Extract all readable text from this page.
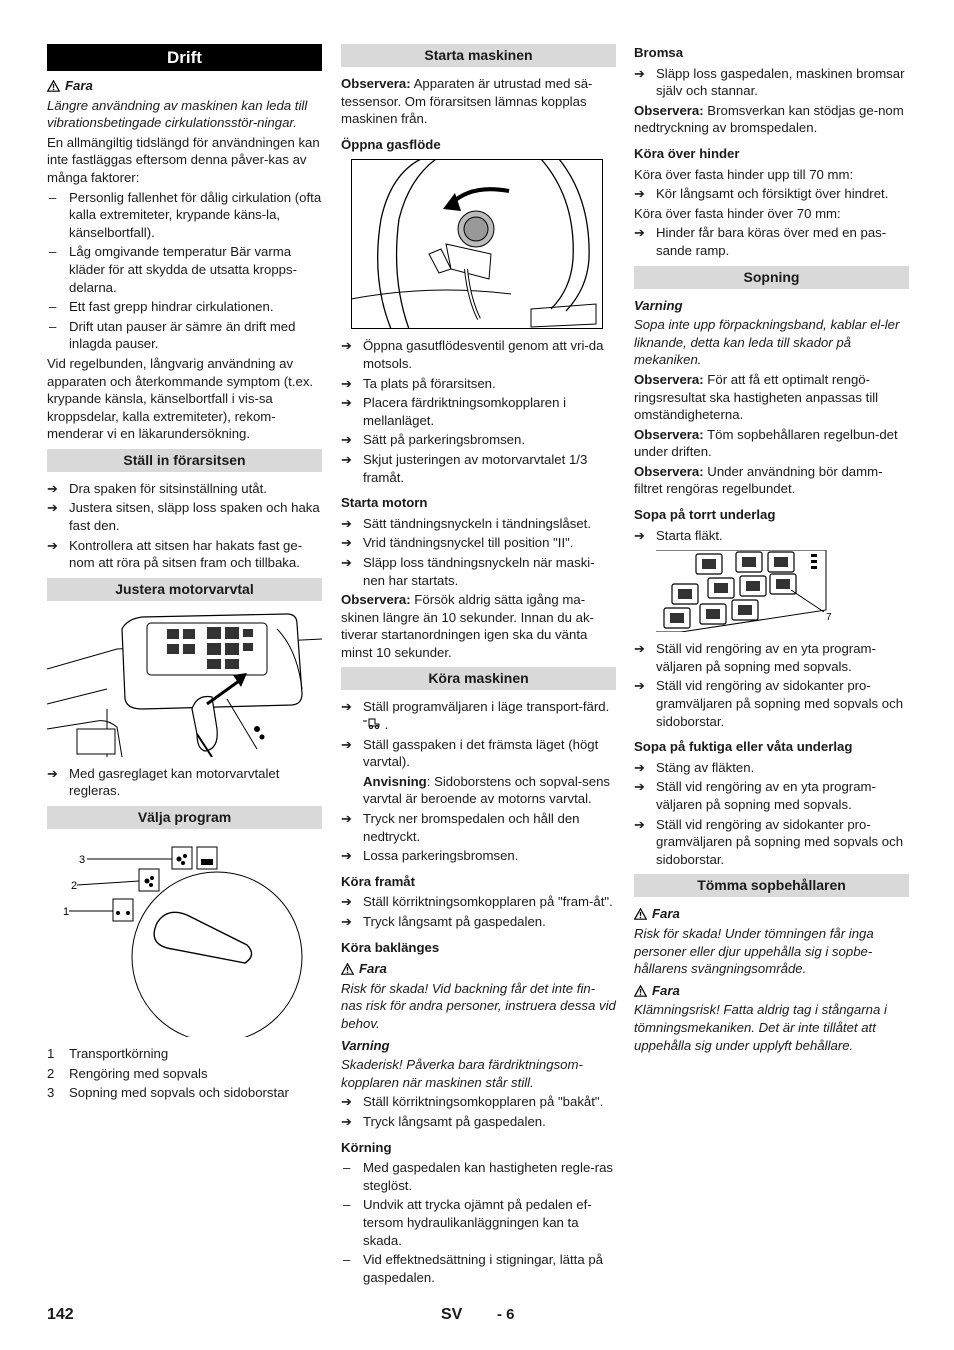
Drift
Fara

Längre användning av maskinen kan leda till vibrationsbetingade cirkulationsstör-ningar.

En allmängiltig tidslängd för användningen kan inte fastläggas eftersom denna påver-kas av många faktorer:

– Personlig fallenhet för dålig cirkulation (ofta kalla extremiteter, krypande käns-la, känselbortfall).
– Låg omgivande temperatur Bär varma kläder för att skydda de utsatta kropps-delarna.
– Ett fast grepp hindrar cirkulationen.
– Drift utan pauser är sämre än drift med inlagda pauser.

Vid regelbunden, långvarig användning av apparaten och återkommande symptom (t.ex. krypande känsla, känselbortfall i vis-sa kroppsdelar, kalla extremiteter), rekom-menderar vi en läkarundersökning.

Ställ in förarsitsen
➔ Dra spaken för sitsinställning utåt.
➔ Justera sitsen, släpp loss spaken och haka fast den.
➔ Kontrollera att sitsen har hakats fast ge-nom att röra på sitsen fram och tillbaka.
Justera motorvarvtal
➔ Med gasreglaget kan motorvarvtalet regleras.
Välja program
3
2
1
1	Transportkörning
2	Rengöring med sopvals
3	Sopning med sopvals och sidoborstar
Starta maskinen

Observera: Apparaten är utrustad med sä-tessensor. Om förarsitsen lämnas kopplas maskinen från.

Öppna gasflöde
➔ Öppna gasutflödesventil genom att vri-da motsols.
➔ Ta plats på förarsitsen.
➔ Placera färdriktningsomkopplaren i mellanläget.
➔ Sätt på parkeringsbromsen.
➔ Skjut justeringen av motorvarvtalet 1/3 framåt.
Starta motorn
➔ Sätt tändningsnyckeln i tändningslåset.
➔ Vrid tändningsnyckel till position "II".
➔ Släpp loss tändningsnyckeln när maski-nen har startats.

Observera: Försök aldrig sätta igång ma-skinen längre än 10 sekunder. Innan du ak-tiverar startanordningen igen ska du vänta minst 10 sekunder.

Köra maskinen
➔ Ställ programväljaren i läge transport-färd.  .
➔ Ställ gasspaken i det främsta läget (högt varvtal).

Anvisning: Sidoborstens och sopval-sens varvtal är beroende av motorns varvtal.

➔ Tryck ner bromspedalen och håll den nedtryckt.
➔ Lossa parkeringsbromsen.
Köra framåt
➔ Ställ körriktningsomkopplaren på "fram-åt".
➔ Tryck långsamt på gaspedalen.
Köra baklänges
Fara

Risk för skada! Vid backning får det inte fin-nas risk för andra personer, instruera dessa vid behov.

Varning

Skaderisk! Påverka bara färdriktningsom-kopplaren när maskinen står still.

➔ Ställ körriktningsomkopplaren på "bakåt".
➔ Tryck långsamt på gaspedalen.
Körning
– Med gaspedalen kan hastigheten regle-ras steglöst.
– Undvik att trycka ojämnt på pedalen ef-tersom hydraulikanläggningen kan ta skada.
– Vid effektnedsättning i stigningar, lätta på gaspedalen.
Bromsa
➔ Släpp loss gaspedalen, maskinen bromsar själv och stannar.

Observera: Bromsverkan kan stödjas ge-nom nedtryckning av bromspedalen.

Köra över hinder

Köra över fasta hinder upp till 70 mm:

➔ Kör långsamt och försiktigt över hindret.

Köra över fasta hinder över 70 mm:

➔ Hinder får bara köras över med en pas-sande ramp.
Sopning
Varning

Sopa inte upp förpackningsband, kablar el-ler liknande, detta kan leda till skador på mekaniken.

Observera: För att få ett optimalt rengö-ringsresultat ska hastigheten anpassas till omständigheterna.

Observera: Töm sopbehållaren regelbun-det under driften.

Observera: Under användning bör damm-filtret rengöras regelbundet.

Sopa på torrt underlag
➔ Starta fläkt.
7
➔ Ställ vid rengöring av en yta program-väljaren på sopning med sopvals.
➔ Ställ vid rengöring av sidokanter pro-gramväljaren på sopning med sopvals och sidoborstar.
Sopa på fuktiga eller våta underlag
➔ Stäng av fläkten.
➔ Ställ vid rengöring av en yta program-väljaren på sopning med sopvals.
➔ Ställ vid rengöring av sidokanter pro-gramväljaren på sopning med sopvals och sidoborstar.
Tömma sopbehållaren
Fara

Risk för skada! Under tömningen får inga personer eller djur uppehålla sig i sopbe-hållarens svängningsområde.

Fara

Klämningsrisk! Fatta aldrig tag i stångarna i tömningsmekaniken. Det är inte tillåtet att uppehålla sig under upplyft behållare.

142	SV - 6
